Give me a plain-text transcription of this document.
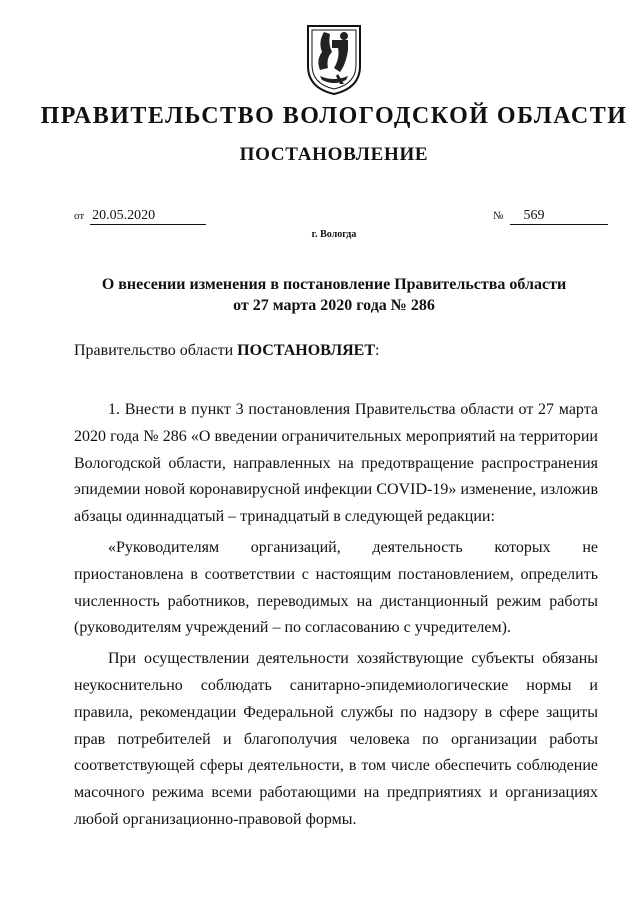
ПРАВИТЕЛЬСТВО ВОЛОГОДСКОЙ ОБЛАСТИ
ПОСТАНОВЛЕНИЕ
от 20.05.2020	№ 569
г. Вологда
О внесении изменения в постановление Правительства области
от 27 марта 2020 года № 286
Правительство области ПОСТАНОВЛЯЕТ:

1. Внести в пункт 3 постановления Правительства области от 27 марта 2020 года № 286 «О введении ограничительных мероприятий на территории Вологодской области, направленных на предотвращение распространения эпидемии новой коронавирусной инфекции COVID-19» изменение, изложив абзацы одиннадцатый – тринадцатый в следующей редакции:

«Руководителям организаций, деятельность которых не приостановлена в соответствии с настоящим постановлением, определить численность работников, переводимых на дистанционный режим работы (руководителям учреждений – по согласованию с учредителем).

При осуществлении деятельности хозяйствующие субъекты обязаны неукоснительно соблюдать санитарно-эпидемиологические нормы и правила, рекомендации Федеральной службы по надзору в сфере защиты прав потребителей и благополучия человека по организации работы соответствующей сферы деятельности, в том числе обеспечить соблюдение масочного режима всеми работающими на предприятиях и организациях любой организационно-правовой формы.
